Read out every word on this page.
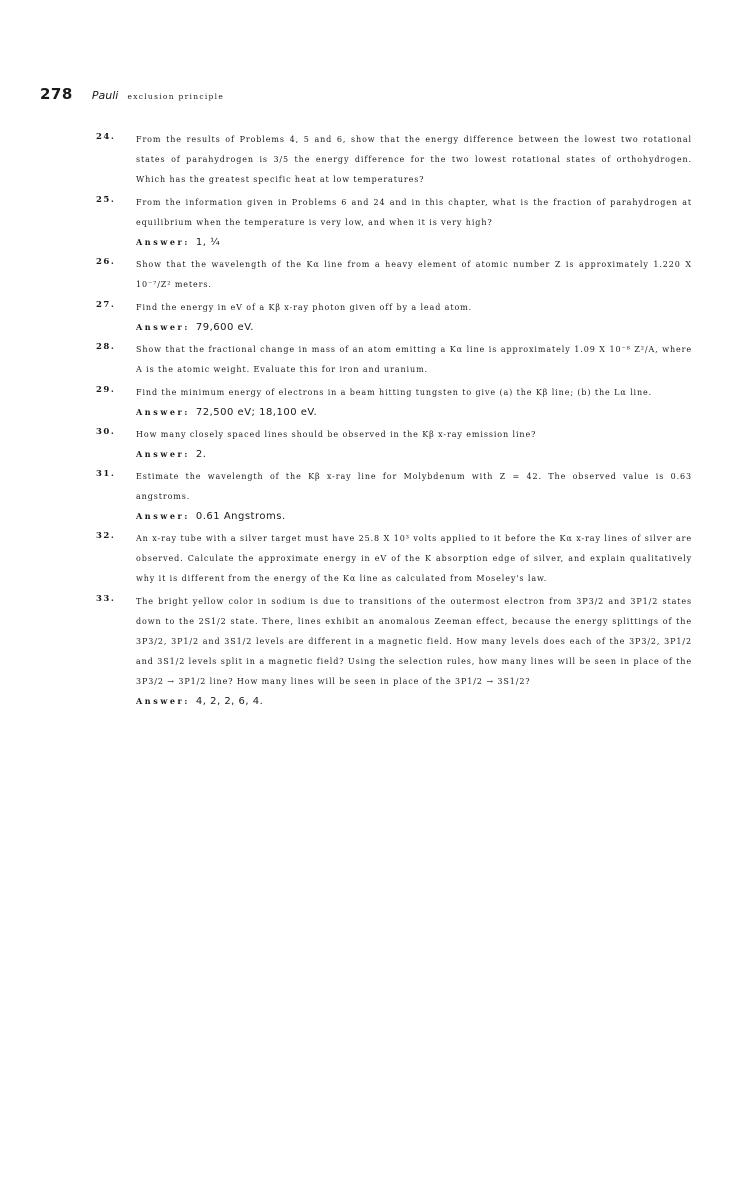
278 Pauli exclusion principle
24.	From the results of Problems 4, 5 and 6, show that the energy difference between the lowest two rotational states of parahydrogen is 3/5 the energy difference for the two lowest rotational states of orthohydrogen. Which has the greatest specific heat at low temperatures?
25.	From the information given in Problems 6 and 24 and in this chapter, what is the fraction of parahydrogen at equilibrium when the temperature is very low, and when it is very high?
Answer: 1, ¼
26.	Show that the wavelength of the Kα line from a heavy element of atomic number Z is approximately 1.220 X 10⁻⁷/Z² meters.
27.	Find the energy in eV of a Kβ x-ray photon given off by a lead atom.
Answer: 79,600 eV.
28.	Show that the fractional change in mass of an atom emitting a Kα line is approximately 1.09 X 10⁻⁸ Z²/A, where A is the atomic weight. Evaluate this for iron and uranium.
29.	Find the minimum energy of electrons in a beam hitting tungsten to give (a) the Kβ line; (b) the Lα line.
Answer: 72,500 eV; 18,100 eV.
30.	How many closely spaced lines should be observed in the Kβ x-ray emission line?
Answer: 2.
31.	Estimate the wavelength of the Kβ x-ray line for Molybdenum with Z = 42. The observed value is 0.63 angstroms.
Answer: 0.61 Angstroms.
32.	An x-ray tube with a silver target must have 25.8 X 10³ volts applied to it before the Kα x-ray lines of silver are observed. Calculate the approximate energy in eV of the K absorption edge of silver, and explain qualitatively why it is different from the energy of the Kα line as calculated from Moseley's law.
33.	The bright yellow color in sodium is due to transitions of the outermost electron from 3P3/2 and 3P1/2 states down to the 2S1/2 state. There, lines exhibit an anomalous Zeeman effect, because the energy splittings of the 3P3/2, 3P1/2 and 3S1/2 levels are different in a magnetic field. How many levels does each of the 3P3/2, 3P1/2 and 3S1/2 levels split in a magnetic field? Using the selection rules, how many lines will be seen in place of the 3P3/2 → 3P1/2 line? How many lines will be seen in place of the 3P1/2 → 3S1/2?
Answer: 4, 2, 2, 6, 4.
